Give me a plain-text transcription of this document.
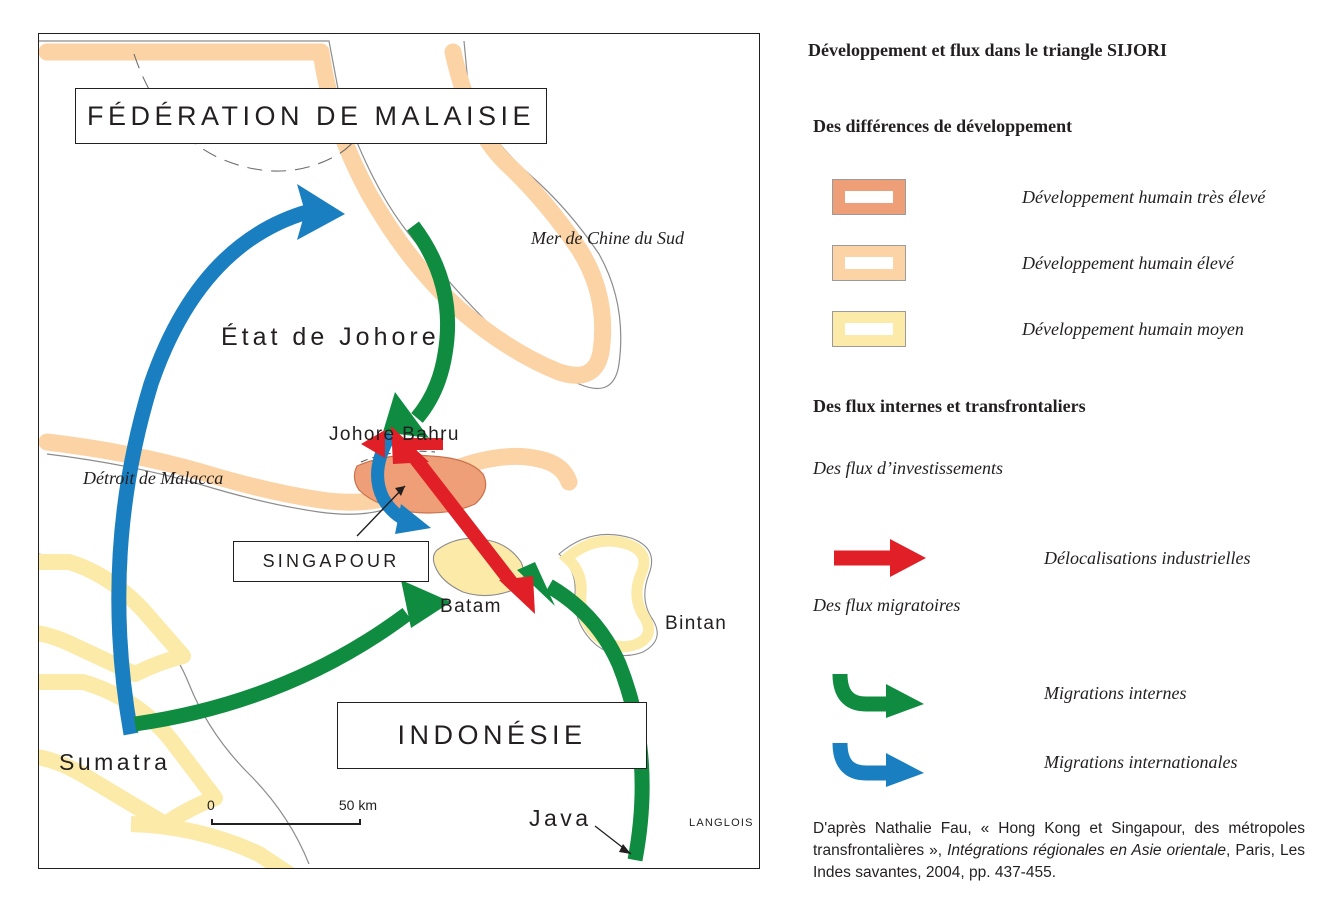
FÉDÉRATION DE MALAISIE
SINGAPOUR
INDONÉSIE
État de Johore
Mer de Chine du Sud
Détroit de Malacca
Johore Bahru
Batam
Bintan
Sumatra
Java	LANGLOIS
0	50 km
Développement et flux dans le triangle SIJORI
Des différences de développement
Développement humain très élevé
Développement humain élevé
Développement humain moyen
Des flux internes et transfrontaliers
Des flux d’investissements
Délocalisations industrielles
Des flux migratoires
Migrations internes
Migrations internationales
D'après Nathalie Fau, « Hong Kong et Singapour, des métropoles transfrontalières », Intégrations régionales en Asie orientale, Paris, Les Indes savantes, 2004, pp. 437-455.
